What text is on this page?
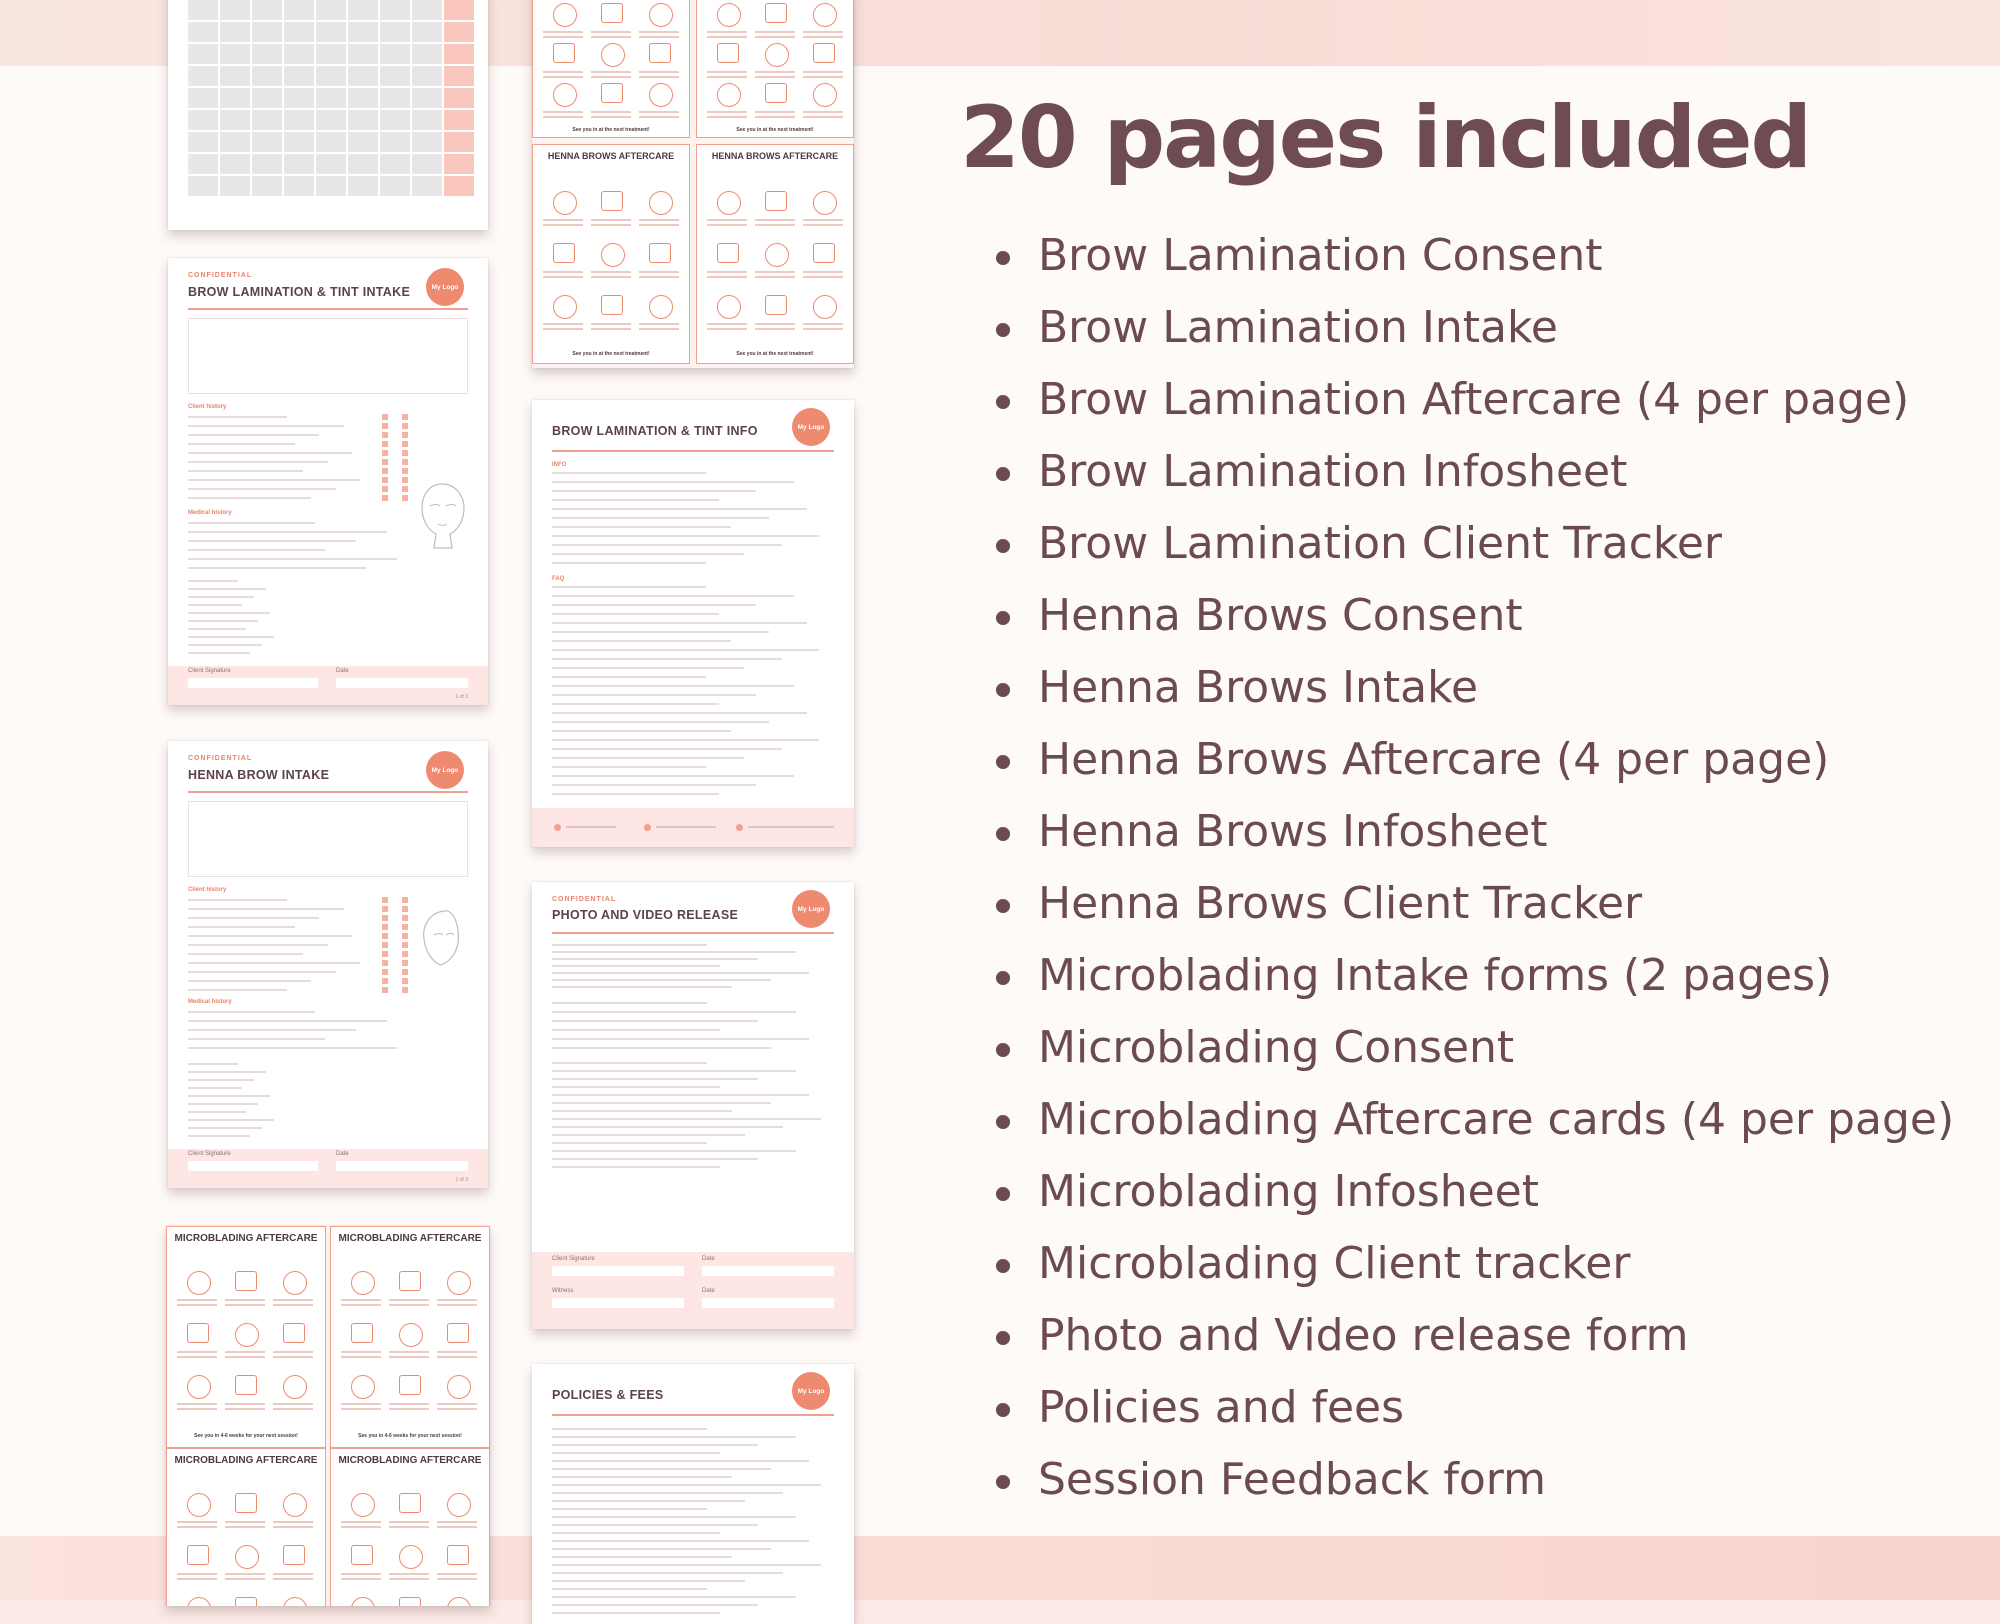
CONFIDENTIAL
BROW LAMINATION & TINT INTAKE	My Logo
Client history
Medical history
Client Signature	Date
1 of 3
CONFIDENTIAL
HENNA BROW INTAKE	My Logo
Client history
Medical history
Client Signature	Date
1 of 3
MICROBLADING AFTERCARE
See you in 4-6 weeks for your next session!
MICROBLADING AFTERCARE
See you in 4-6 weeks for your next session!
MICROBLADING AFTERCARE	MICROBLADING AFTERCARE
See you in at the next treatment!	See you in at the next treatment!
HENNA BROWS AFTERCARE
See you in at the next treatment!
HENNA BROWS AFTERCARE
See you in at the next treatment!
BROW LAMINATION & TINT INFO	My Logo
INFO
FAQ
CONFIDENTIAL
PHOTO AND VIDEO RELEASE	My Logo
Client Signature	Date
Witness	Date
POLICIES & FEES	My Logo
20 pages included
Brow Lamination Consent
Brow Lamination Intake
Brow Lamination Aftercare (4 per page)
Brow Lamination Infosheet
Brow Lamination Client Tracker
Henna Brows Consent
Henna Brows Intake
Henna Brows Aftercare (4 per page)
Henna Brows Infosheet
Henna Brows Client Tracker
Microblading Intake forms (2 pages)
Microblading Consent
Microblading Aftercare cards (4 per page)
Microblading Infosheet
Microblading Client tracker
Photo and Video release form
Policies and fees
Session Feedback form
